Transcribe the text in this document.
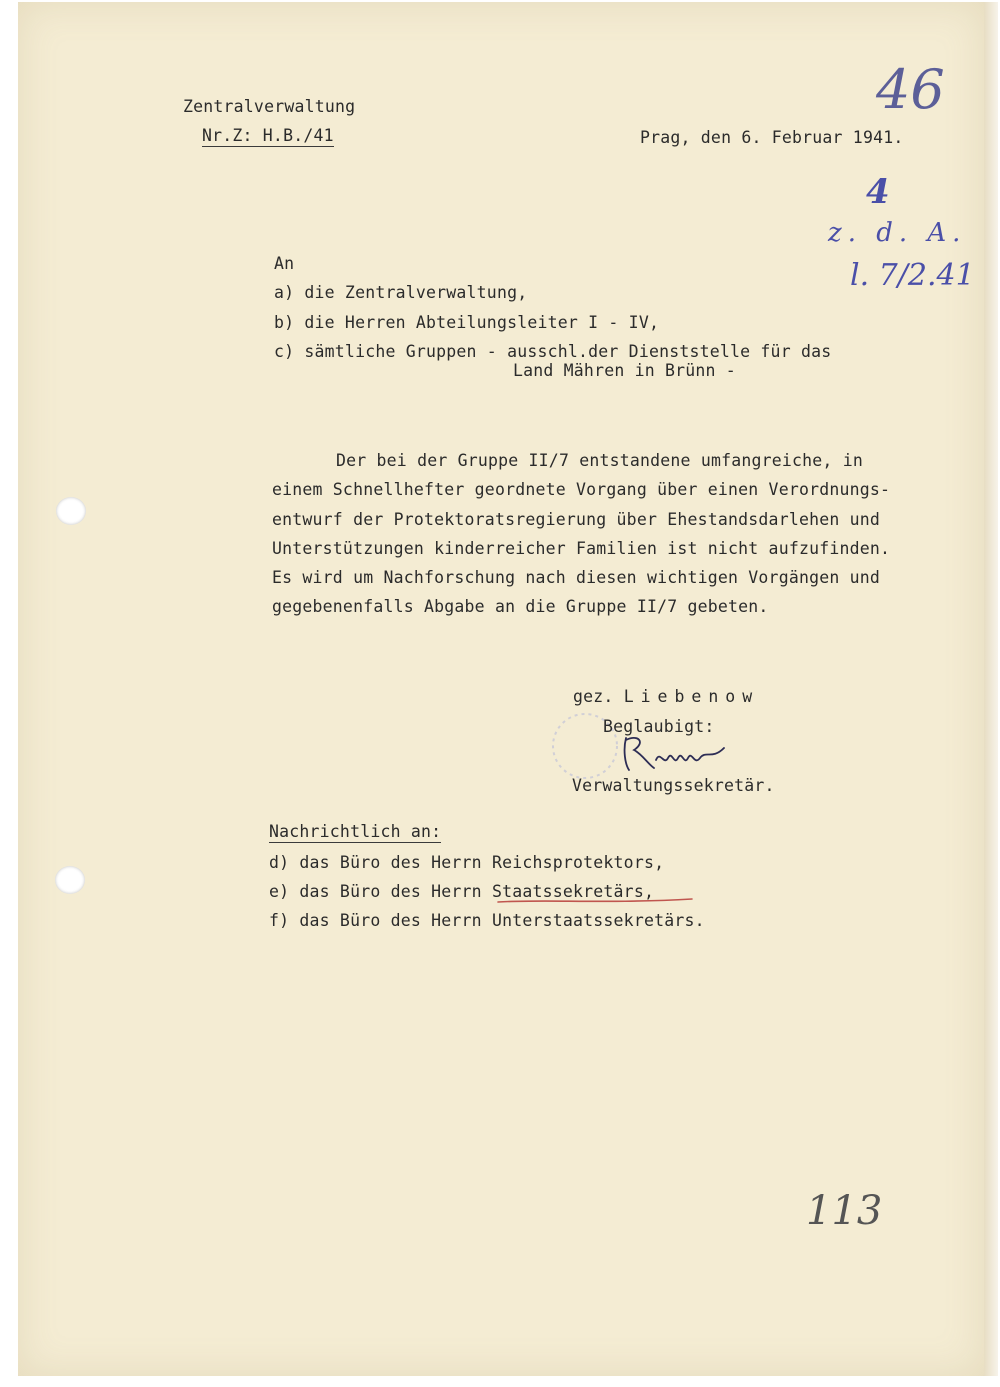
Zentralverwaltung
Nr.Z: H.B./41	Prag, den 6. Februar 1941.
46
4
z. d. A.
l. 7/2.41
An
a) die Zentralverwaltung,
b) die Herren Abteilungsleiter I - IV,
c) sämtliche Gruppen - ausschl.der Dienststelle für das
Land Mähren in Brünn -
Der bei der Gruppe II/7 entstandene umfangreiche, in
einem Schnellhefter geordnete Vorgang über einen Verordnungs-
entwurf der Protektoratsregierung über Ehestandsdarlehen und
Unterstützungen kinderreicher Familien ist nicht aufzufinden.
Es wird um Nachforschung nach diesen wichtigen Vorgängen und
gegebenenfalls Abgabe an die Gruppe II/7 gebeten.
gez. Liebenow
Beglaubigt:
Verwaltungssekretär.
Nachrichtlich an:
d) das Büro des Herrn Reichsprotektors,
e) das Büro des Herrn Staatssekretärs,
f) das Büro des Herrn Unterstaatssekretärs.
113
